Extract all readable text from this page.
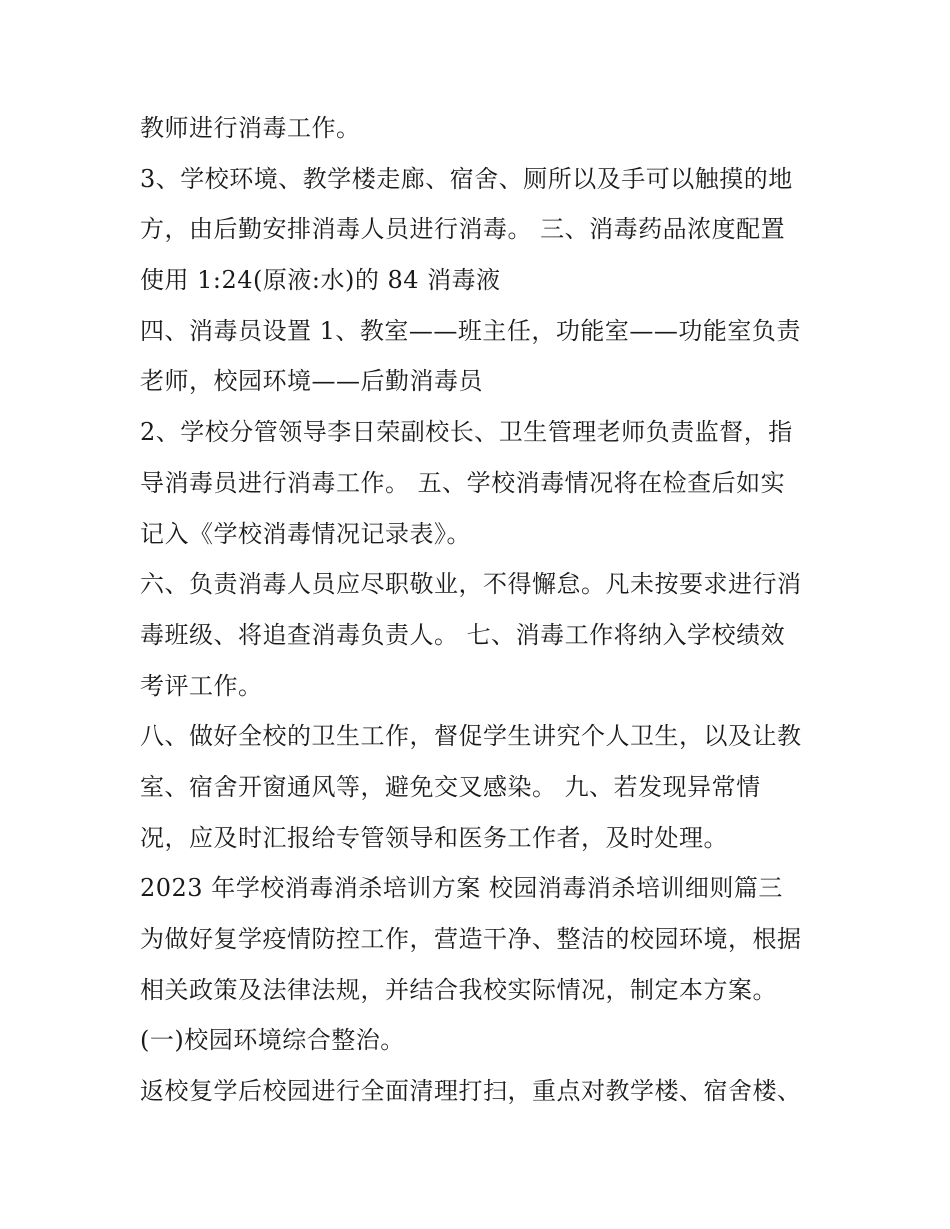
教师进行消毒工作。
3、学校环境、教学楼走廊、宿舍、厕所以及手可以触摸的地
方，由后勤安排消毒人员进行消毒。 三、消毒药品浓度配置
使用 1:24(原液:水)的 84 消毒液
四、消毒员设置 1、教室——班主任，功能室——功能室负责
老师，校园环境——后勤消毒员
2、学校分管领导李日荣副校长、卫生管理老师负责监督，指
导消毒员进行消毒工作。 五、学校消毒情况将在检查后如实
记入《学校消毒情况记录表》。
六、负责消毒人员应尽职敬业，不得懈怠。凡未按要求进行消
毒班级、将追查消毒负责人。 七、消毒工作将纳入学校绩效
考评工作。
八、做好全校的卫生工作，督促学生讲究个人卫生，以及让教
室、宿舍开窗通风等，避免交叉感染。 九、若发现异常情
况，应及时汇报给专管领导和医务工作者，及时处理。
2023 年学校消毒消杀培训方案 校园消毒消杀培训细则篇三
为做好复学疫情防控工作，营造干净、整洁的校园环境，根据
相关政策及法律法规，并结合我校实际情况，制定本方案。
(一)校园环境综合整治。
返校复学后校园进行全面清理打扫，重点对教学楼、宿舍楼、
